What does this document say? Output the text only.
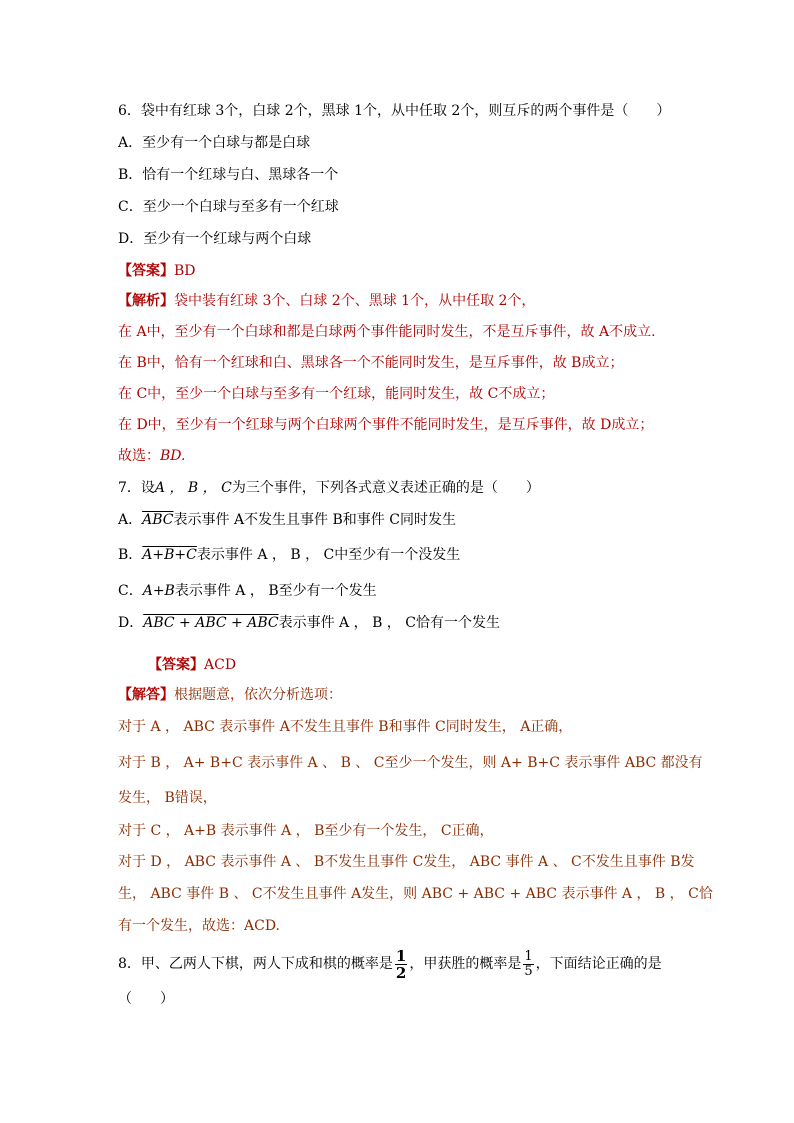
6．袋中有红球 3个，白球 2个，黑球 1个，从中任取 2个，则互斥的两个事件是（　　）
A．至少有一个白球与都是白球
B．恰有一个红球与白、黑球各一个
C．至少一个白球与至多有一个红球
D．至少有一个红球与两个白球
【答案】BD
【解析】袋中装有红球 3个、白球 2个、黑球 1个，从中任取 2个，
在 A中，至少有一个白球和都是白球两个事件能同时发生，不是互斥事件，故 A不成立.
在 B中，恰有一个红球和白、黑球各一个不能同时发生，是互斥事件，故 B成立；
在 C中，至少一个白球与至多有一个红球，能同时发生，故 C不成立；
在 D中，至少有一个红球与两个白球两个事件不能同时发生，是互斥事件，故 D成立；
故选：BD.
7．设A ， B ， C为三个事件，下列各式意义表述正确的是（　　）
A．$\overline{ABC}$表示事件 A不发生且事件 B和事件 C同时发生
B．A+B+C表示事件 A ， B ， C中至少有一个没发生
C．A+B表示事件 A ， B至少有一个发生
D．ABC + ABC + ABC表示事件 A ， B ， C恰有一个发生
【答案】ACD
【解答】根据题意，依次分析选项：
对于 A ， ABC 表示事件 A不发生且事件 B和事件 C同时发生， A正确，
对于 B ， A+ B+C 表示事件 A 、 B 、 C至少一个发生，则 A+ B+C 表示事件 ABC 都没有
发生， B错误，
对于 C ， A+B 表示事件 A ， B至少有一个发生， C正确，
对于 D ， ABC 表示事件 A 、 B不发生且事件 C发生， ABC 事件 A 、 C不发生且事件 B发
生， ABC 事件 B 、 C不发生且事件 A发生，则 ABC + ABC + ABC 表示事件 A ， B ， C恰
有一个发生，故选：ACD.
8．甲、乙两人下棋，两人下成和棋的概率是 $\frac{1}{2}$ ，甲获胜的概率是 $\frac{1}{5}$ ，下面结论正确的是
（　　）
